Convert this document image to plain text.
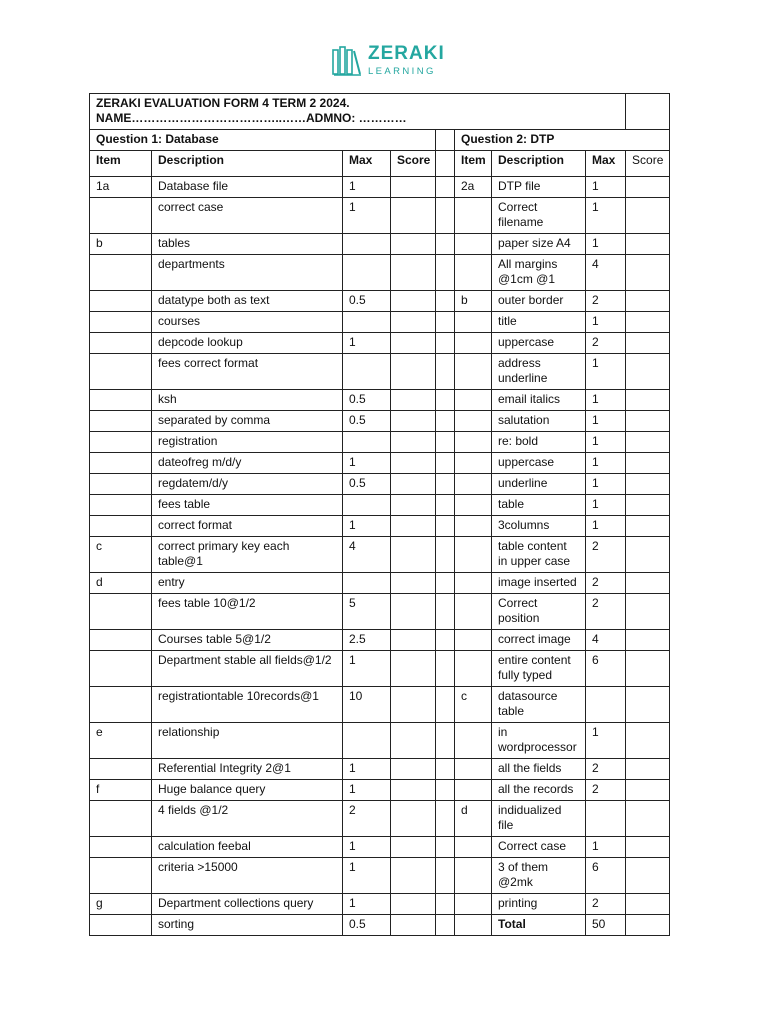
ZERAKI
LEARNING
ZERAKI EVALUATION FORM 4 TERM 2 2024.
NAME………………………………..……ADMNO: …………								

Question 1: Database					Question 2: DTP			
Item	Description	Max	Score		Item	Description	Max	Score
1a	Database file	1			2a	DTP file	1	
	correct case	1				Correct filename	1	
b	tables					paper size A4	1	
	departments					All margins @1cm @1	4	
	datatype both as text	0.5			b	outer border	2	
	courses					title	1	
	depcode lookup	1				uppercase	2	
	fees correct format					address underline	1	
	ksh	0.5				email italics	1	
	separated by comma	0.5				salutation	1	
	registration					re: bold	1	
	dateofreg m/d/y	1				uppercase	1	
	regdatem/d/y	0.5				underline	1	
	fees table					table	1	
	correct format	1				3columns	1	
c	correct primary key each table@1	4				table content in upper case	2	
d	entry					image inserted	2	
	fees table 10@1/2	5				Correct position	2	
	Courses table 5@1/2	2.5				correct image	4	
	Department stable all fields@1/2	1				entire content fully typed	6	
	registrationtable 10records@1	10			c	datasource table		
e	relationship					in wordprocessor	1	
	Referential Integrity 2@1	1				all the fields	2	
f	Huge balance query	1				all the records	2	
	4 fields @1/2	2			d	indidualized file		
	calculation feebal	1				Correct case	1	
	criteria >15000	1				3 of them @2mk	6	
g	Department collections query	1				printing	2	
	sorting	0.5				Total	50	
